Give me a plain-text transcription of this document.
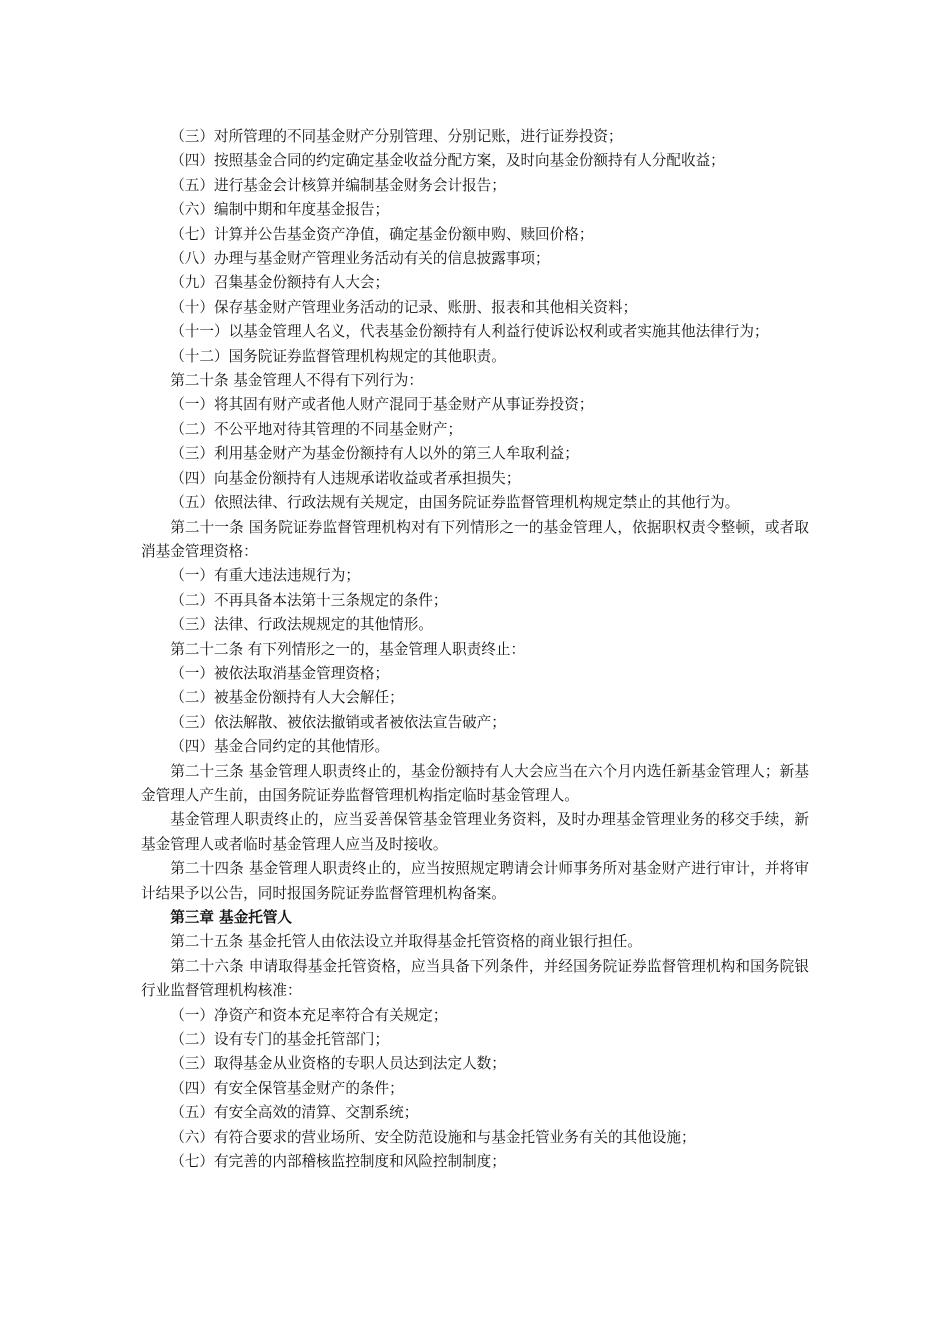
（三）对所管理的不同基金财产分别管理、分别记账，进行证券投资；

（四）按照基金合同的约定确定基金收益分配方案，及时向基金份额持有人分配收益；

（五）进行基金会计核算并编制基金财务会计报告；

（六）编制中期和年度基金报告；

（七）计算并公告基金资产净值，确定基金份额申购、赎回价格；

（八）办理与基金财产管理业务活动有关的信息披露事项；

（九）召集基金份额持有人大会；

（十）保存基金财产管理业务活动的记录、账册、报表和其他相关资料；

（十一）以基金管理人名义，代表基金份额持有人利益行使诉讼权利或者实施其他法律行为；

（十二）国务院证券监督管理机构规定的其他职责。

第二十条 基金管理人不得有下列行为：

（一）将其固有财产或者他人财产混同于基金财产从事证券投资；

（二）不公平地对待其管理的不同基金财产；

（三）利用基金财产为基金份额持有人以外的第三人牟取利益；

（四）向基金份额持有人违规承诺收益或者承担损失；

（五）依照法律、行政法规有关规定，由国务院证券监督管理机构规定禁止的其他行为。

第二十一条 国务院证券监督管理机构对有下列情形之一的基金管理人，依据职权责令整顿，或者取消基金管理资格：

（一）有重大违法违规行为；

（二）不再具备本法第十三条规定的条件；

（三）法律、行政法规规定的其他情形。

第二十二条 有下列情形之一的，基金管理人职责终止：

（一）被依法取消基金管理资格；

（二）被基金份额持有人大会解任；

（三）依法解散、被依法撤销或者被依法宣告破产；

（四）基金合同约定的其他情形。

第二十三条 基金管理人职责终止的，基金份额持有人大会应当在六个月内选任新基金管理人；新基金管理人产生前，由国务院证券监督管理机构指定临时基金管理人。

基金管理人职责终止的，应当妥善保管基金管理业务资料，及时办理基金管理业务的移交手续，新基金管理人或者临时基金管理人应当及时接收。

第二十四条 基金管理人职责终止的，应当按照规定聘请会计师事务所对基金财产进行审计，并将审计结果予以公告，同时报国务院证券监督管理机构备案。

第三章 基金托管人

第二十五条 基金托管人由依法设立并取得基金托管资格的商业银行担任。

第二十六条 申请取得基金托管资格，应当具备下列条件，并经国务院证券监督管理机构和国务院银行业监督管理机构核准：

（一）净资产和资本充足率符合有关规定；

（二）设有专门的基金托管部门；

（三）取得基金从业资格的专职人员达到法定人数；

（四）有安全保管基金财产的条件；

（五）有安全高效的清算、交割系统；

（六）有符合要求的营业场所、安全防范设施和与基金托管业务有关的其他设施；

（七）有完善的内部稽核监控制度和风险控制制度；
